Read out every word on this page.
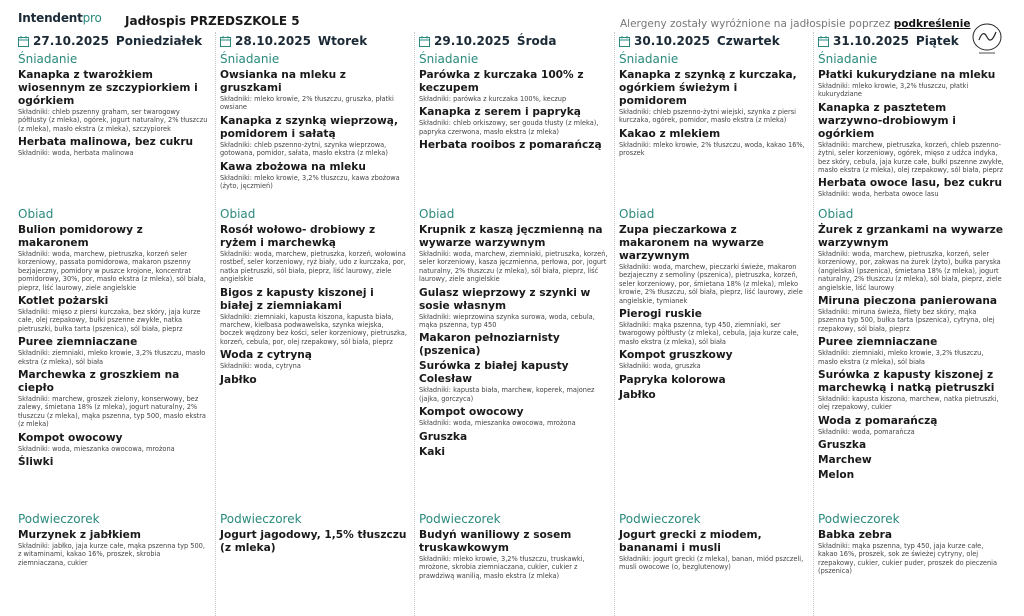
Intendentpro Jadłospis PRZEDSZKOLE 5	Alergeny zostały wyróżnione na jadłospisie poprzez podkreślenie
27.10.2025 Poniedziałek
Śniadanie
Kanapka z twarożkiem wiosennym ze szczypiorkiem i ogórkiem
Składniki: chleb pszenny graham, ser twarogowy półtłusty (z mleka), ogórek, jogurt naturalny, 2% tłuszczu (z mleka), masło ekstra (z mleka), szczypiorek
Herbata malinowa, bez cukru
Składniki: woda, herbata malinowa
Obiad
Bulion pomidorowy z makaronem
Składniki: woda, marchew, pietruszka, korzeń seler korzeniowy, passata pomidorowa, makaron pszenny bezjajeczny, pomidory w puszce krojone, koncentrat pomidorowy, 30%, por, masło ekstra (z mleka), sól biała, pieprz, liść laurowy, ziele angielskie
Kotlet pożarski
Składniki: mięso z piersi kurczaka, bez skóry, jaja kurze całe, olej rzepakowy, bułki pszenne zwykłe, natka pietruszki, bułka tarta (pszenica), sól biała, pieprz
Puree ziemniaczane
Składniki: ziemniaki, mleko krowie, 3,2% tłuszczu, masło ekstra (z mleka), sól biała
Marchewka z groszkiem na ciepło
Składniki: marchew, groszek zielony, konserwowy, bez zalewy, śmietana 18% (z mleka), jogurt naturalny, 2% tłuszczu (z mleka), mąka pszenna, typ 500, masło ekstra (z mleka)
Kompot owocowy
Składniki: woda, mieszanka owocowa, mrożona
Śliwki
Podwieczorek
Murzynek z jabłkiem
Składniki: jabłko, jaja kurze całe, mąka pszenna typ 500, z witaminami, kakao 16%, proszek, skrobia ziemniaczana, cukier
28.10.2025 Wtorek
Śniadanie
Owsianka na mleku z gruszkami
Składniki: mleko krowie, 2% tłuszczu, gruszka, płatki owsiane
Kanapka z szynką wieprzową, pomidorem i sałatą
Składniki: chleb pszenno-żytni, szynka wieprzowa, gotowana, pomidor, sałata, masło ekstra (z mleka)
Kawa zbożowa na mleku
Składniki: mleko krowie, 3,2% tłuszczu, kawa zbożowa (żyto, jęczmień)
Obiad
Rosół wołowo- drobiowy z ryżem i marchewką
Składniki: woda, marchew, pietruszka, korzeń, wołowina rostbef, seler korzeniowy, ryż biały, udo z kurczaka, por, natka pietruszki, sól biała, pieprz, liść laurowy, ziele angielskie
Bigos z kapusty kiszonej i białej z ziemniakami
Składniki: ziemniaki, kapusta kiszona, kapusta biała, marchew, kiełbasa podwawelska, szynka wiejska, boczek wędzony bez kości, seler korzeniowy, pietruszka, korzeń, cebula, por, olej rzepakowy, sól biała, pieprz
Woda z cytryną
Składniki: woda, cytryna
Jabłko
Podwieczorek
Jogurt jagodowy, 1,5% tłuszczu (z mleka)
29.10.2025 Środa
Śniadanie
Parówka z kurczaka 100% z keczupem
Składniki: parówka z kurczaka 100%, keczup
Kanapka z serem i papryką
Składniki: chleb orkiszowy, ser gouda tłusty (z mleka), papryka czerwona, masło ekstra (z mleka)
Herbata rooibos z pomarańczą
Obiad
Krupnik z kaszą jęczmienną na wywarze warzywnym
Składniki: woda, marchew, ziemniaki, pietruszka, korzeń, seler korzeniowy, kasza jęczmienna, perłowa, por, jogurt naturalny, 2% tłuszczu (z mleka), sól biała, pieprz, liść laurowy, ziele angielskie
Gulasz wieprzowy z szynki w sosie własnym
Składniki: wieprzowina szynka surowa, woda, cebula, mąka pszenna, typ 450
Makaron pełnoziarnisty (pszenica)
Surówka z białej kapusty Colesław
Składniki: kapusta biała, marchew, koperek, majonez (jajka, gorczyca)
Kompot owocowy
Składniki: woda, mieszanka owocowa, mrożona
Gruszka
Kaki
Podwieczorek
Budyń waniliowy z sosem truskawkowym
Składniki: mleko krowie, 3,2% tłuszczu, truskawki, mrożone, skrobia ziemniaczana, cukier, cukier z prawdziwą wanilią, masło ekstra (z mleka)
30.10.2025 Czwartek
Śniadanie
Kanapka z szynką z kurczaka, ogórkiem świeżym i pomidorem
Składniki: chleb pszenno-żytni wiejski, szynka z piersi kurczaka, ogórek, pomidor, masło ekstra (z mleka)
Kakao z mlekiem
Składniki: mleko krowie, 2% tłuszczu, woda, kakao 16%, proszek
Obiad
Zupa pieczarkowa z makaronem na wywarze warzywnym
Składniki: woda, marchew, pieczarki świeże, makaron bezjajeczny z semoliny (pszenica), pietruszka, korzeń, seler korzeniowy, por, śmietana 18% (z mleka), mleko krowie, 2% tłuszczu, sól biała, pieprz, liść laurowy, ziele angielskie, tymianek
Pierogi ruskie
Składniki: mąka pszenna, typ 450, ziemniaki, ser twarogowy półtłusty (z mleka), cebula, jaja kurze całe, masło ekstra (z mleka), sól biała
Kompot gruszkowy
Składniki: woda, gruszka
Papryka kolorowa
Jabłko
Podwieczorek
Jogurt grecki z miodem, bananami i musli
Składniki: jogurt grecki (z mleka), banan, miód pszczeli, musli owocowe (o, bezglutenowy)
31.10.2025 Piątek
Śniadanie
Płatki kukurydziane na mleku
Składniki: mleko krowie, 3,2% tłuszczu, płatki kukurydziane
Kanapka z pasztetem warzywno-drobiowym i ogórkiem
Składniki: marchew, pietruszka, korzeń, chleb pszenno-żytni, seler korzeniowy, ogórek, mięso z udźca indyka, bez skóry, cebula, jaja kurze całe, bułki pszenne zwykłe, masło ekstra (z mleka), olej rzepakowy, sól biała, pieprz
Herbata owoce lasu, bez cukru
Składniki: woda, herbata owoce lasu
Obiad
Żurek z grzankami na wywarze warzywnym
Składniki: woda, marchew, pietruszka, korzeń, seler korzeniowy, por, zakwas na żurek (żyto), bułka paryska (angielska) (pszenica), śmietana 18% (z mleka), jogurt naturalny, 2% tłuszczu (z mleka), sól biała, pieprz, ziele angielskie, liść laurowy
Miruna pieczona panierowana
Składniki: miruna świeża, filety bez skóry, mąka pszenna typ 500, bułka tarta (pszenica), cytryna, olej rzepakowy, sól biała, pieprz
Puree ziemniaczane
Składniki: ziemniaki, mleko krowie, 3,2% tłuszczu, masło ekstra (z mleka), sól biała
Surówka z kapusty kiszonej z marchewką i natką pietruszki
Składniki: kapusta kiszona, marchew, natka pietruszki, olej rzepakowy, cukier
Woda z pomarańczą
Składniki: woda, pomarańcza
Gruszka
Marchew
Melon
Podwieczorek
Babka zebra
Składniki: mąka pszenna, typ 450, jaja kurze całe, kakao 16%, proszek, sok ze świeżej cytryny, olej rzepakowy, cukier, cukier puder, proszek do pieczenia (pszenica)
